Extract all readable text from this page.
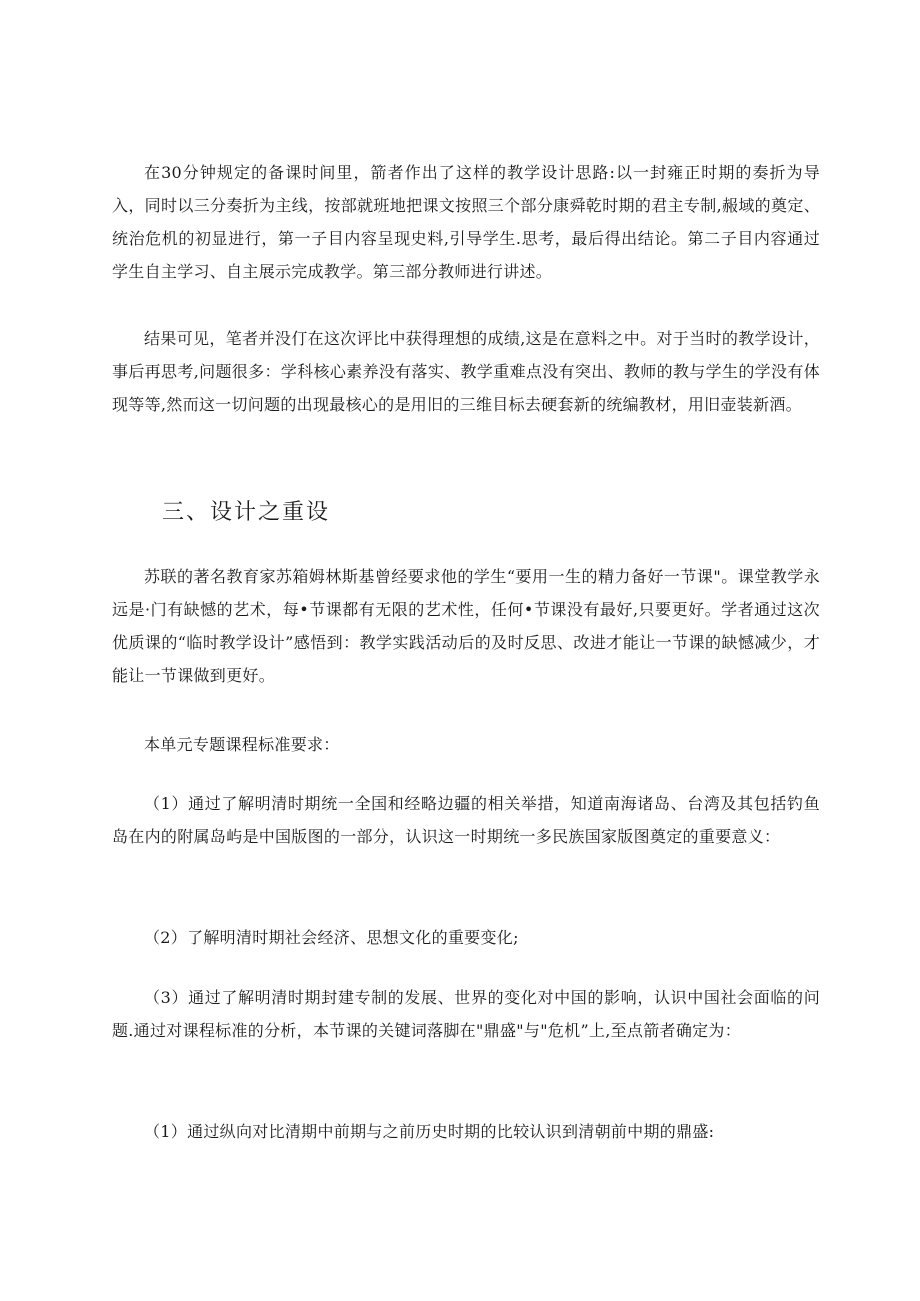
在30分钟规定的备课时间里，箭者作出了这样的教学设计思路:以一封雍正时期的奏折为导入，同时以三分奏折为主线，按部就班地把课文按照三个部分康舜乾时期的君主专制,赧域的奠定、统治危机的初显进行，第一子目内容呈现史料,引导学生.思考，最后得出结论。第二子目内容通过学生自主学习、自主展示完成教学。第三部分教师进行讲述。

结果可见，笔者并没仃在这次评比中获得理想的成绩,这是在意料之中。对于当时的教学设计，事后再思考,问题很多：学科核心素养没有落实、教学重难点没有突出、教师的教与学生的学没有体现等等,然而这一切问题的出现最核心的是用旧的三维目标去硬套新的统编教材，用旧壶装新酒。

三、设计之重设

苏联的著名教育家苏箱姆林斯基曾经要求他的学生“要用一生的精力备好一节课"。课堂教学永远是·门有缺憾的艺术，每•节课都有无限的艺术性，任何•节课没有最好,只要更好。学者通过这次优质课的“临时教学设计”感悟到：教学实践活动后的及时反思、改进才能让一节课的缺憾减少，才能让一节课做到更好。

本单元专题课程标准要求：

（1）通过了解明清时期统一全国和经略边疆的相关举措，知道南海诸岛、台湾及其包括钓鱼岛在内的附属岛屿是中国版图的一部分，认识这一时期统一多民族国家版图奠定的重要意义：

（2）了解明清时期社会经济、思想文化的重要变化;

（3）通过了解明清时期封建专制的发展、世界的变化对中国的影响，认识中国社会面临的问题.通过对课程标准的分析，本节课的关键词落脚在"鼎盛"与"危机”上,至点箭者确定为：

（1）通过纵向对比清期中前期与之前历史时期的比较认识到清朝前中期的鼎盛:
